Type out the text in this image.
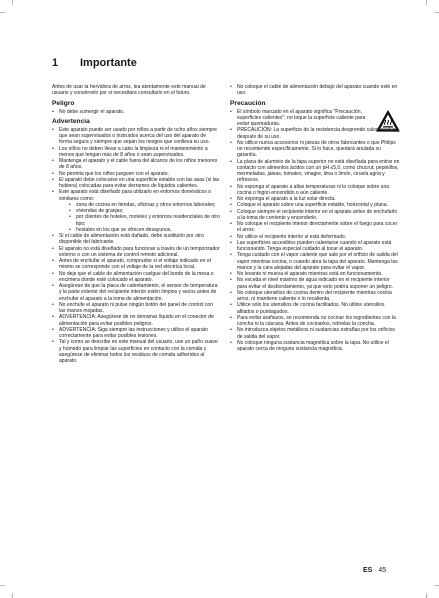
1 Importante

Antes de usar la hervidora de arroz, lea atentamente este manual de usuario y consérvelo por si necesitara consultarlo en el futuro.

Peligro
• No debe sumergir el aparato.
Advertencia
• Este aparato puede ser usado por niños a partir de ocho años siempre que sean supervisados o instruidos acerca del uso del aparato de forma segura y siempre que sepan los riesgos que conlleva su uso.
• Los niños no deben llevar a cabo la limpieza ni el mantenimiento a menos que tengan más de 8 años o sean supervisados.
• Mantenga el aparato y el cable fuera del alcance de los niños menores de 8 años.
• No permita que los niños jueguen con el aparato.
• El aparato debe colocarse en una superficie estable con las asas (si las hubiera) colocadas para evitar derrames de líquidos calientes.
• Este aparato está diseñado para utilizarlo en entornos domésticos o similares como:
• zona de cocina en tiendas, oficinas y otros entornos laborales;
• viviendas de granjas;
• por clientes de hoteles, moteles y entornos residenciales de otro tipo;
• hostales en los que se ofrecen desayunos.
• Si el cable de alimentación está dañado, debe sustituirlo por otro disponible del fabricante.
• El aparato no está diseñado para funcionar a través de un temporizador externo o con un sistema de control remoto adicional.
• Antes de enchufar el aparato, compruebe si el voltaje indicado en el mismo se corresponde con el voltaje de la red eléctrica local.
• No deje que el cable de alimentación cuelgue del borde de la mesa o encimera donde esté colocado el aparato.
• Asegúrese de que la placa de calentamiento, el sensor de temperatura y la parte exterior del recipiente interior estén limpios y secos antes de enchufar el aparato a la toma de alimentación.
• No enchufe el aparato ni pulse ningún botón del panel de control con las manos mojadas.
• ADVERTENCIA: Asegúrese de no derramar líquido en el conector de alimentación para evitar posibles peligros.
• ADVERTENCIA: Siga siempre las instrucciones y utilice el aparato correctamente para evitar posibles lesiones.
• Tal y como se describe en este manual del usuario, use un paño suave y húmedo para limpiar las superficies en contacto con la comida y asegúrese de eliminar todos los residuos de comida adheridos al aparato.
• No coloque el cable de alimentación debajo del aparato cuando esté en uso.
Precaución
• El símbolo marcado en el aparato significa "Precaución, superficies calientes"; no toque la superficie caliente para evitar quemaduras.
• PRECAUCIÓN: La superficie de la resistencia desprende calor residual después de su uso.
• No utilice nunca accesorios ni piezas de otros fabricantes o que Philips no recomiende específicamente. Si lo hace, quedará anulada su garantía.
• La placa de aluminio de la tapa superior no está diseñada para entrar en contacto con alimentos ácidos con un pH ≤5,0, como chucrut, pepinillos, mermeladas, jaleas, tomates, vinagre, lima o limón, ciruela agria y refrescos.
• No exponga el aparato a altas temperaturas ni lo coloque sobre una cocina o fogón encendido o aún caliente.
• No exponga el aparato a la luz solar directa.
• Coloque el aparato sobre una superficie estable, horizontal y plana.
• Coloque siempre el recipiente interior en el aparato antes de enchufarlo a la toma de corriente y encenderlo.
• No coloque el recipiente interior directamente sobre el fuego para cocer el arroz.
• No utilice el recipiente interior si está deformado.
• Las superficies accesibles pueden calentarse cuando el aparato está funcionando. Tenga especial cuidado al tocar el aparato.
• Tenga cuidado con el vapor caliente que sale por el orificio de salida del vapor mientras cocina, o cuando abra la tapa del aparato. Mantenga las manos y la cara alejadas del aparato para evitar el vapor.
• No levante ni mueva el aparato mientras está en funcionamiento.
• No exceda el nivel máximo de agua indicado en el recipiente interior para evitar el desbordamiento, ya que esto podría suponer un peligro.
• No coloque utensilios de cocina dentro del recipiente mientras cocina arroz, ni mantiene caliente o lo recalienta.
• Utilice sólo los utensilios de cocina facilitados. No utilice utensilios afilados o puntiagudos.
• Para evitar arañazos, se recomienda no cocinar los ingredientes con la concha ni la cáscara. Antes de cocinarlos, retírelas la concha.
• No introduzca objetos metálicos ni sustancias extrañas por los orificios de salida del vapor.
• No coloque ninguna sustancia magnética sobre la tapa. No utilice el aparato cerca de ninguna sustancia magnética.
ES 45
